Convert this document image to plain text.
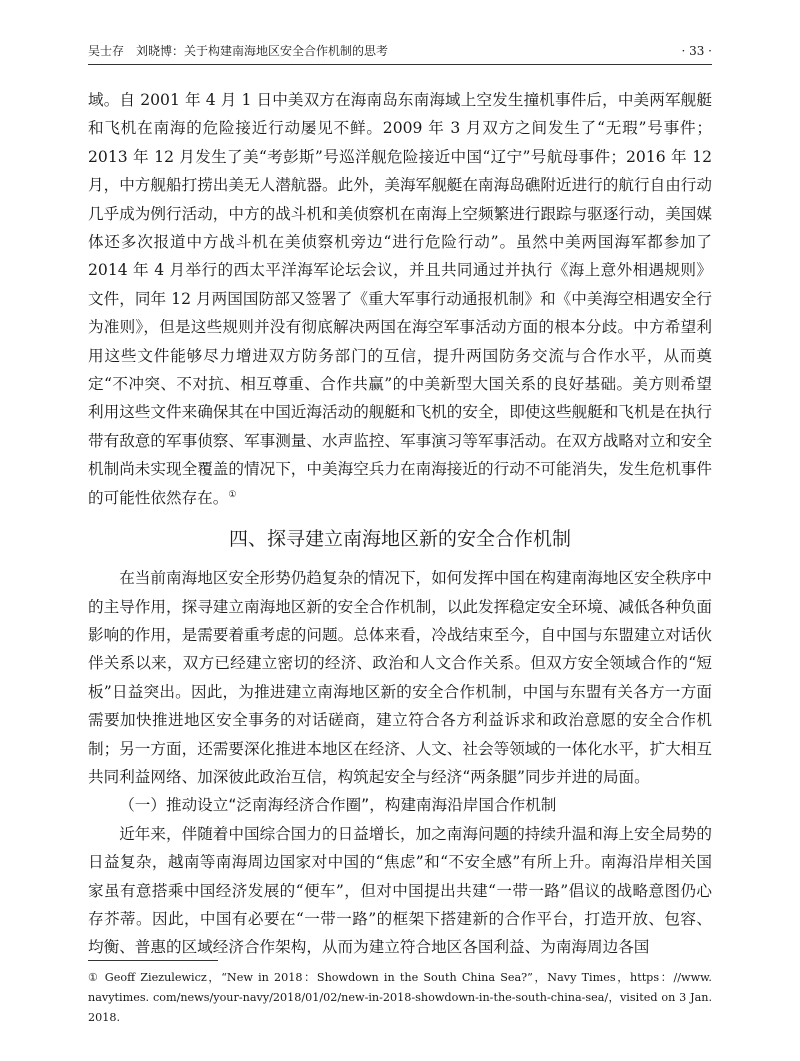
吴士存　刘晓博：关于构建南海地区安全合作机制的思考	· 33 ·

域。自 2001 年 4 月 1 日中美双方在海南岛东南海域上空发生撞机事件后，中美两军舰艇和飞机在南海的危险接近行动屡见不鲜。2009 年 3 月双方之间发生了“无瑕”号事件；2013 年 12 月发生了美“考彭斯”号巡洋舰危险接近中国“辽宁”号航母事件；2016 年 12 月，中方舰船打捞出美无人潜航器。此外，美海军舰艇在南海岛礁附近进行的航行自由行动几乎成为例行活动，中方的战斗机和美侦察机在南海上空频繁进行跟踪与驱逐行动，美国媒体还多次报道中方战斗机在美侦察机旁边“进行危险行动”。虽然中美两国海军都参加了 2014 年 4 月举行的西太平洋海军论坛会议，并且共同通过并执行《海上意外相遇规则》文件，同年 12 月两国国防部又签署了《重大军事行动通报机制》和《中美海空相遇安全行为准则》，但是这些规则并没有彻底解决两国在海空军事活动方面的根本分歧。中方希望利用这些文件能够尽力增进双方防务部门的互信，提升两国防务交流与合作水平，从而奠定“不冲突、不对抗、相互尊重、合作共赢”的中美新型大国关系的良好基础。美方则希望利用这些文件来确保其在中国近海活动的舰艇和飞机的安全，即使这些舰艇和飞机是在执行带有敌意的军事侦察、军事测量、水声监控、军事演习等军事活动。在双方战略对立和安全机制尚未实现全覆盖的情况下，中美海空兵力在南海接近的行动不可能消失，发生危机事件的可能性依然存在。①

四、探寻建立南海地区新的安全合作机制

在当前南海地区安全形势仍趋复杂的情况下，如何发挥中国在构建南海地区安全秩序中的主导作用，探寻建立南海地区新的安全合作机制，以此发挥稳定安全环境、减低各种负面影响的作用，是需要着重考虑的问题。总体来看，冷战结束至今，自中国与东盟建立对话伙伴关系以来，双方已经建立密切的经济、政治和人文合作关系。但双方安全领域合作的“短板”日益突出。因此，为推进建立南海地区新的安全合作机制，中国与东盟有关各方一方面需要加快推进地区安全事务的对话磋商，建立符合各方利益诉求和政治意愿的安全合作机制；另一方面，还需要深化推进本地区在经济、人文、社会等领域的一体化水平，扩大相互共同利益网络、加深彼此政治互信，构筑起安全与经济“两条腿”同步并进的局面。

（一）推动设立“泛南海经济合作圈”，构建南海沿岸国合作机制

近年来，伴随着中国综合国力的日益增长，加之南海问题的持续升温和海上安全局势的日益复杂，越南等南海周边国家对中国的“焦虑”和“不安全感”有所上升。南海沿岸相关国家虽有意搭乘中国经济发展的“便车”，但对中国提出共建“一带一路”倡议的战略意图仍心存芥蒂。因此，中国有必要在“一带一路”的框架下搭建新的合作平台，打造开放、包容、均衡、普惠的区域经济合作架构，从而为建立符合地区各国利益、为南海周边各国

① Geoff Ziezulewicz，“New in 2018：Showdown in the South China Sea?”，Navy Times，https：//www. navytimes. com/news/your-navy/2018/01/02/new-in-2018-showdown-in-the-south-china-sea/，visited on 3 Jan. 2018.
